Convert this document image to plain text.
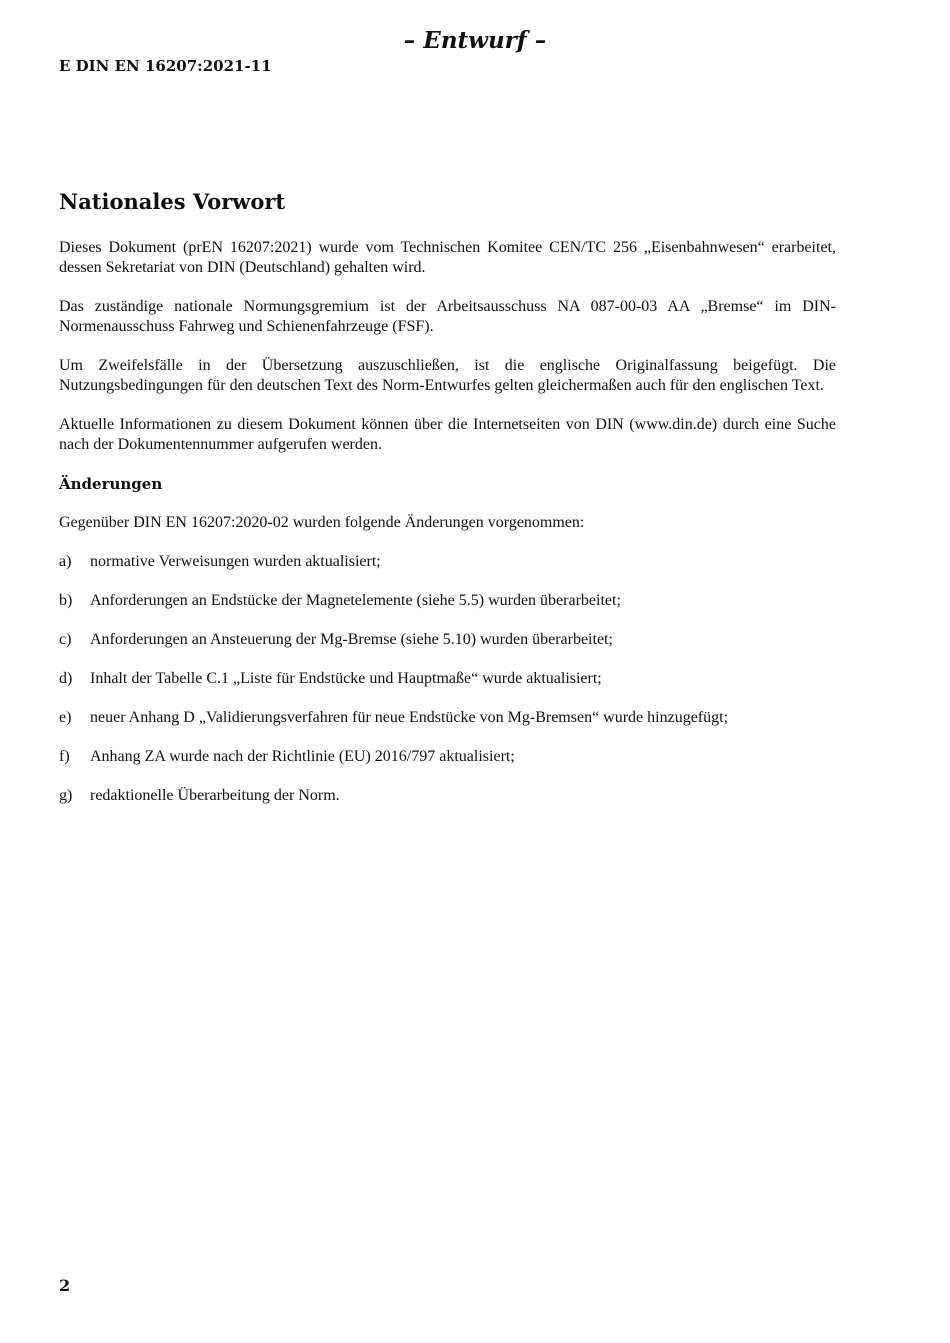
– Entwurf –
E DIN EN 16207:2021-11
Nationales Vorwort

Dieses Dokument (prEN 16207:2021) wurde vom Technischen Komitee CEN/TC 256 „Eisenbahnwesen“ erarbeitet, dessen Sekretariat von DIN (Deutschland) gehalten wird.

Das zuständige nationale Normungsgremium ist der Arbeitsausschuss NA 087-00-03 AA „Bremse“ im DIN-Normenausschuss Fahrweg und Schienenfahrzeuge (FSF).

Um Zweifelsfälle in der Übersetzung auszuschließen, ist die englische Originalfassung beigefügt. Die Nutzungsbedingungen für den deutschen Text des Norm-Entwurfes gelten gleichermaßen auch für den englischen Text.

Aktuelle Informationen zu diesem Dokument können über die Internetseiten von DIN (www.din.de) durch eine Suche nach der Dokumentennummer aufgerufen werden.

Änderungen

Gegenüber DIN EN 16207:2020-02 wurden folgende Änderungen vorgenommen:

a)	normative Verweisungen wurden aktualisiert;
b)	Anforderungen an Endstücke der Magnetelemente (siehe 5.5) wurden überarbeitet;
c)	Anforderungen an Ansteuerung der Mg-Bremse (siehe 5.10) wurden überarbeitet;
d)	Inhalt der Tabelle C.1 „Liste für Endstücke und Hauptmaße“ wurde aktualisiert;
e)	neuer Anhang D „Validierungsverfahren für neue Endstücke von Mg-Bremsen“ wurde hinzugefügt;
f)	Anhang ZA wurde nach der Richtlinie (EU) 2016/797 aktualisiert;
g)	redaktionelle Überarbeitung der Norm.
2
